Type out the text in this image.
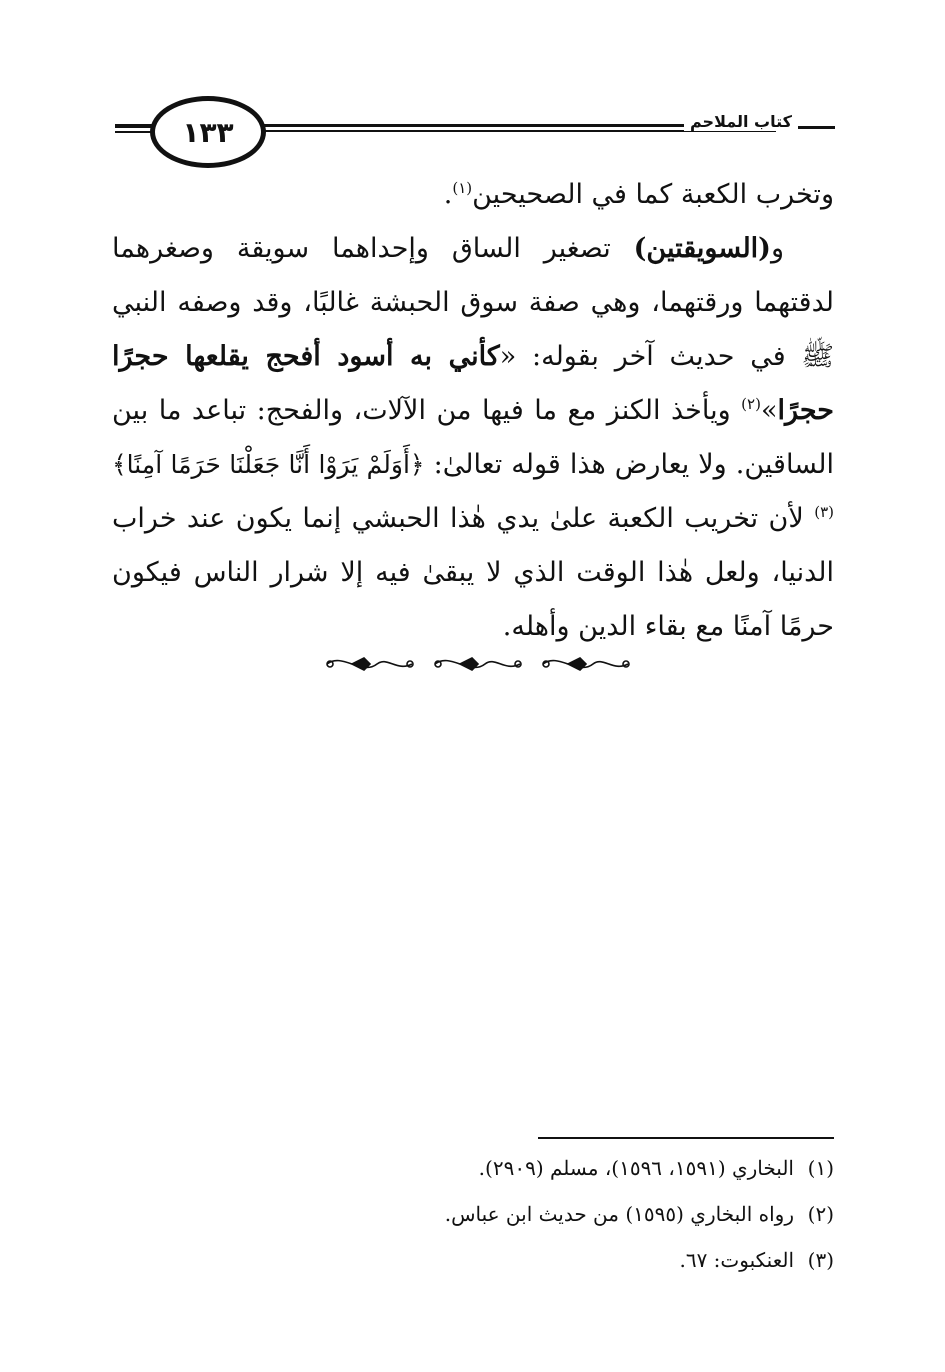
١٣٣	كتاب الملاحم

وتخرب الكعبة كما في الصحيحين$^{(١)}$.

و(السويقتين) تصغير الساق وإحداهما سويقة وصغرهما لدقتهما ورقتهما، وهي صفة سوق الحبشة غالبًا، وقد وصفه النبي ﷺ في حديث آخر بقوله: «كأني به أسود أفحج يقلعها حجرًا حجرًا»$^{(٢)}$ ويأخذ الكنز مع ما فيها من الآلات، والفحج: تباعد ما بين الساقين. ولا يعارض هذا قوله تعالىٰ: ﴿أَوَلَمْ يَرَوْا أَنَّا جَعَلْنَا حَرَمًا آمِنًا﴾$^{(٣)}$ لأن تخريب الكعبة علىٰ يدي هٰذا الحبشي إنما يكون عند خراب الدنيا، ولعل هٰذا الوقت الذي لا يبقىٰ فيه إلا شرار الناس فيكون حرمًا آمنًا مع بقاء الدين وأهله.

(١)البخاري (١٥٩١، ١٥٩٦)، مسلم (٢٩٠٩).
(٢)رواه البخاري (١٥٩٥) من حديث ابن عباس.
(٣)العنكبوت: ٦٧.
